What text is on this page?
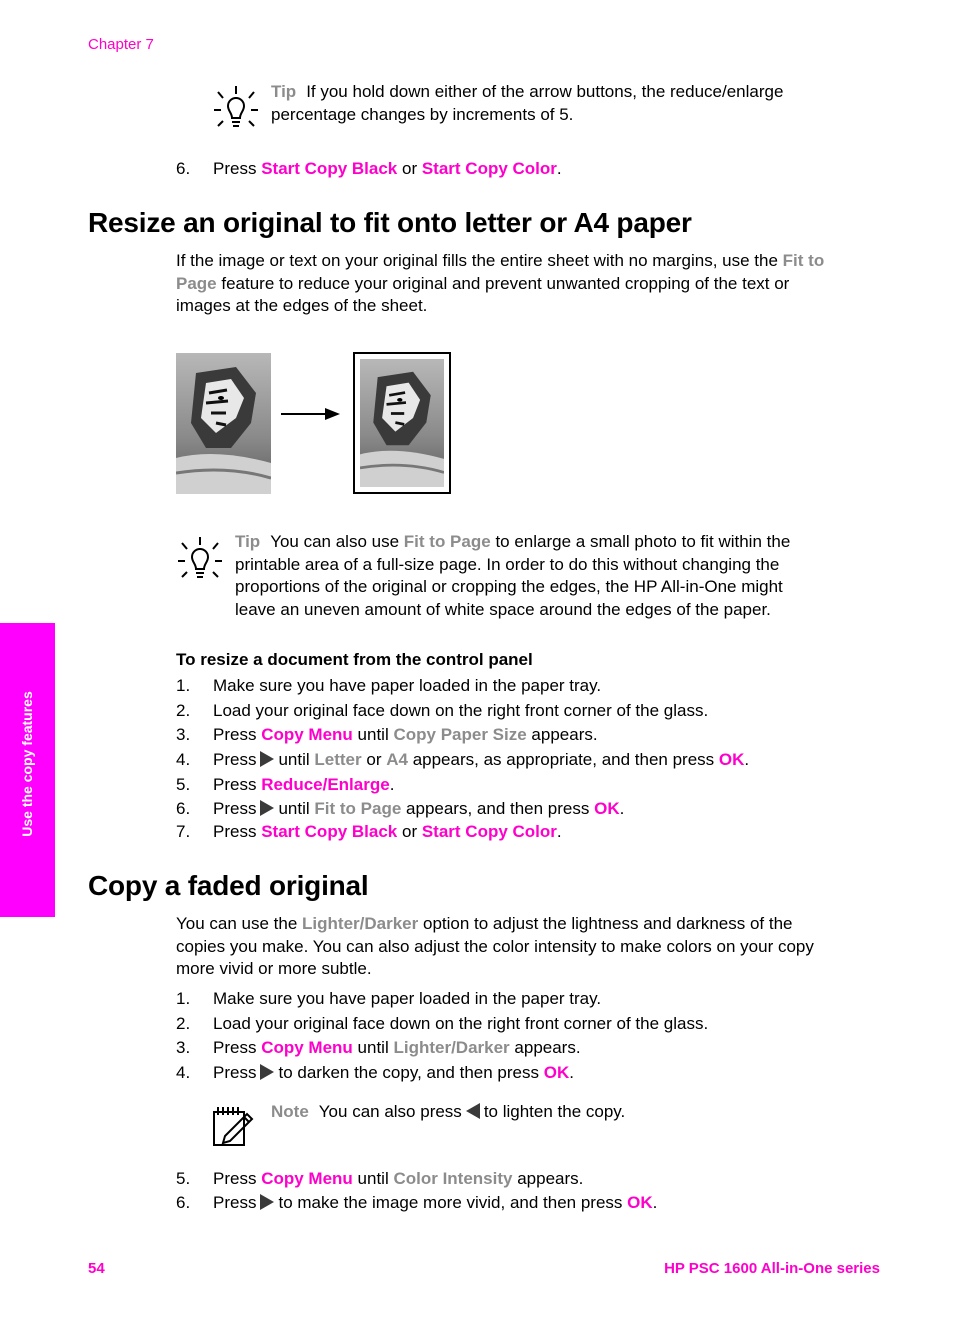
Chapter 7
Tip If you hold down either of the arrow buttons, the reduce/enlarge
percentage changes by increments of 5.
6. Press Start Copy Black or Start Copy Color.
Resize an original to fit onto letter or A4 paper
If the image or text on your original fills the entire sheet with no margins, use the Fit to
Page feature to reduce your original and prevent unwanted cropping of the text or
images at the edges of the sheet.
Tip You can also use Fit to Page to enlarge a small photo to fit within the
printable area of a full-size page. In order to do this without changing the
proportions of the original or cropping the edges, the HP All-in-One might
leave an uneven amount of white space around the edges of the paper.
To resize a document from the control panel
1. Make sure you have paper loaded in the paper tray.
2. Load your original face down on the right front corner of the glass.
3. Press Copy Menu until Copy Paper Size appears.
4. Press until Letter or A4 appears, as appropriate, and then press OK.
5. Press Reduce/Enlarge.
6. Press until Fit to Page appears, and then press OK.
7. Press Start Copy Black or Start Copy Color.
Copy a faded original
You can use the Lighter/Darker option to adjust the lightness and darkness of the
copies you make. You can also adjust the color intensity to make colors on your copy
more vivid or more subtle.
1. Make sure you have paper loaded in the paper tray.
2. Load your original face down on the right front corner of the glass.
3. Press Copy Menu until Lighter/Darker appears.
4. Press to darken the copy, and then press OK.
Note You can also press to lighten the copy.
5. Press Copy Menu until Color Intensity appears.
6. Press to make the image more vivid, and then press OK.
Use the copy features
54	HP PSC 1600 All-in-One series
